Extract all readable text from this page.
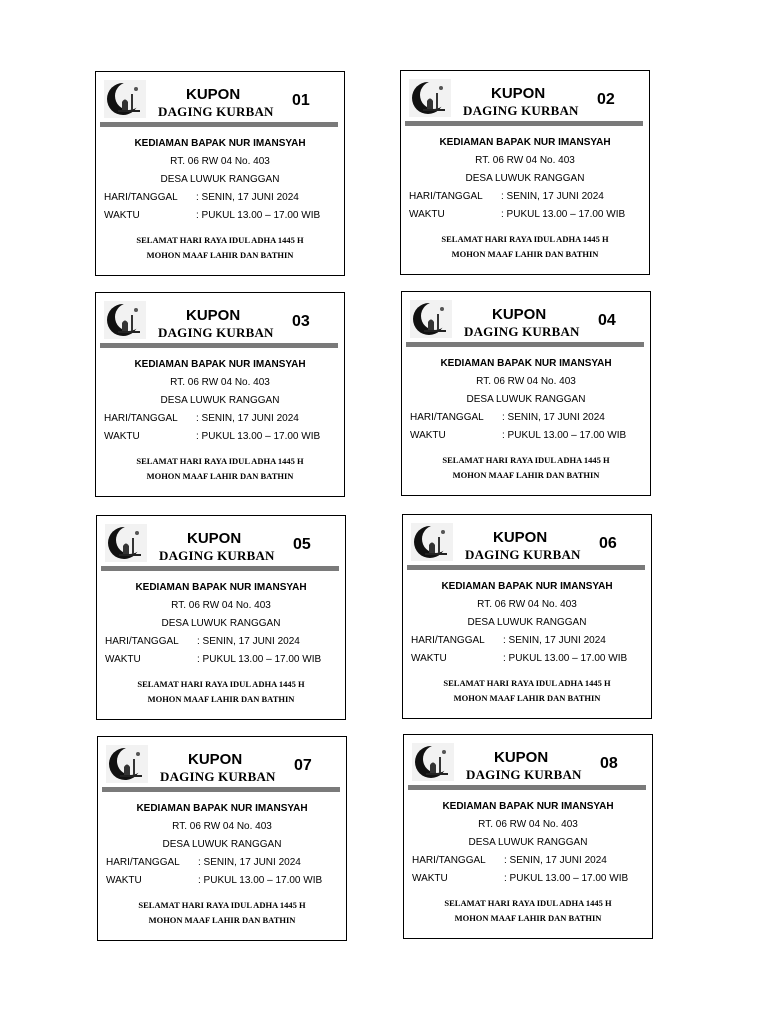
KUPON
DAGING KURBAN
01
KEDIAMAN BAPAK NUR IMANSYAH
RT. 06 RW 04 No. 403
DESA LUWUK RANGGAN
HARI/TANGGAL : SENIN, 17 JUNI 2024
WAKTU	: PUKUL 13.00 – 17.00 WIB
SELAMAT HARI RAYA IDUL ADHA 1445 H
MOHON MAAF LAHIR DAN BATHIN
KUPON
DAGING KURBAN
02
KEDIAMAN BAPAK NUR IMANSYAH
RT. 06 RW 04 No. 403
DESA LUWUK RANGGAN
HARI/TANGGAL : SENIN, 17 JUNI 2024
WAKTU	: PUKUL 13.00 – 17.00 WIB
SELAMAT HARI RAYA IDUL ADHA 1445 H
MOHON MAAF LAHIR DAN BATHIN
KUPON
DAGING KURBAN
03
KEDIAMAN BAPAK NUR IMANSYAH
RT. 06 RW 04 No. 403
DESA LUWUK RANGGAN
HARI/TANGGAL : SENIN, 17 JUNI 2024
WAKTU	: PUKUL 13.00 – 17.00 WIB
SELAMAT HARI RAYA IDUL ADHA 1445 H
MOHON MAAF LAHIR DAN BATHIN
KUPON
DAGING KURBAN
04
KEDIAMAN BAPAK NUR IMANSYAH
RT. 06 RW 04 No. 403
DESA LUWUK RANGGAN
HARI/TANGGAL : SENIN, 17 JUNI 2024
WAKTU	: PUKUL 13.00 – 17.00 WIB
SELAMAT HARI RAYA IDUL ADHA 1445 H
MOHON MAAF LAHIR DAN BATHIN
KUPON
DAGING KURBAN
05
KEDIAMAN BAPAK NUR IMANSYAH
RT. 06 RW 04 No. 403
DESA LUWUK RANGGAN
HARI/TANGGAL : SENIN, 17 JUNI 2024
WAKTU	: PUKUL 13.00 – 17.00 WIB
SELAMAT HARI RAYA IDUL ADHA 1445 H
MOHON MAAF LAHIR DAN BATHIN
KUPON
DAGING KURBAN
06
KEDIAMAN BAPAK NUR IMANSYAH
RT. 06 RW 04 No. 403
DESA LUWUK RANGGAN
HARI/TANGGAL : SENIN, 17 JUNI 2024
WAKTU	: PUKUL 13.00 – 17.00 WIB
SELAMAT HARI RAYA IDUL ADHA 1445 H
MOHON MAAF LAHIR DAN BATHIN
KUPON
DAGING KURBAN
07
KEDIAMAN BAPAK NUR IMANSYAH
RT. 06 RW 04 No. 403
DESA LUWUK RANGGAN
HARI/TANGGAL : SENIN, 17 JUNI 2024
WAKTU	: PUKUL 13.00 – 17.00 WIB
SELAMAT HARI RAYA IDUL ADHA 1445 H
MOHON MAAF LAHIR DAN BATHIN
KUPON
DAGING KURBAN
08
KEDIAMAN BAPAK NUR IMANSYAH
RT. 06 RW 04 No. 403
DESA LUWUK RANGGAN
HARI/TANGGAL : SENIN, 17 JUNI 2024
WAKTU	: PUKUL 13.00 – 17.00 WIB
SELAMAT HARI RAYA IDUL ADHA 1445 H
MOHON MAAF LAHIR DAN BATHIN
